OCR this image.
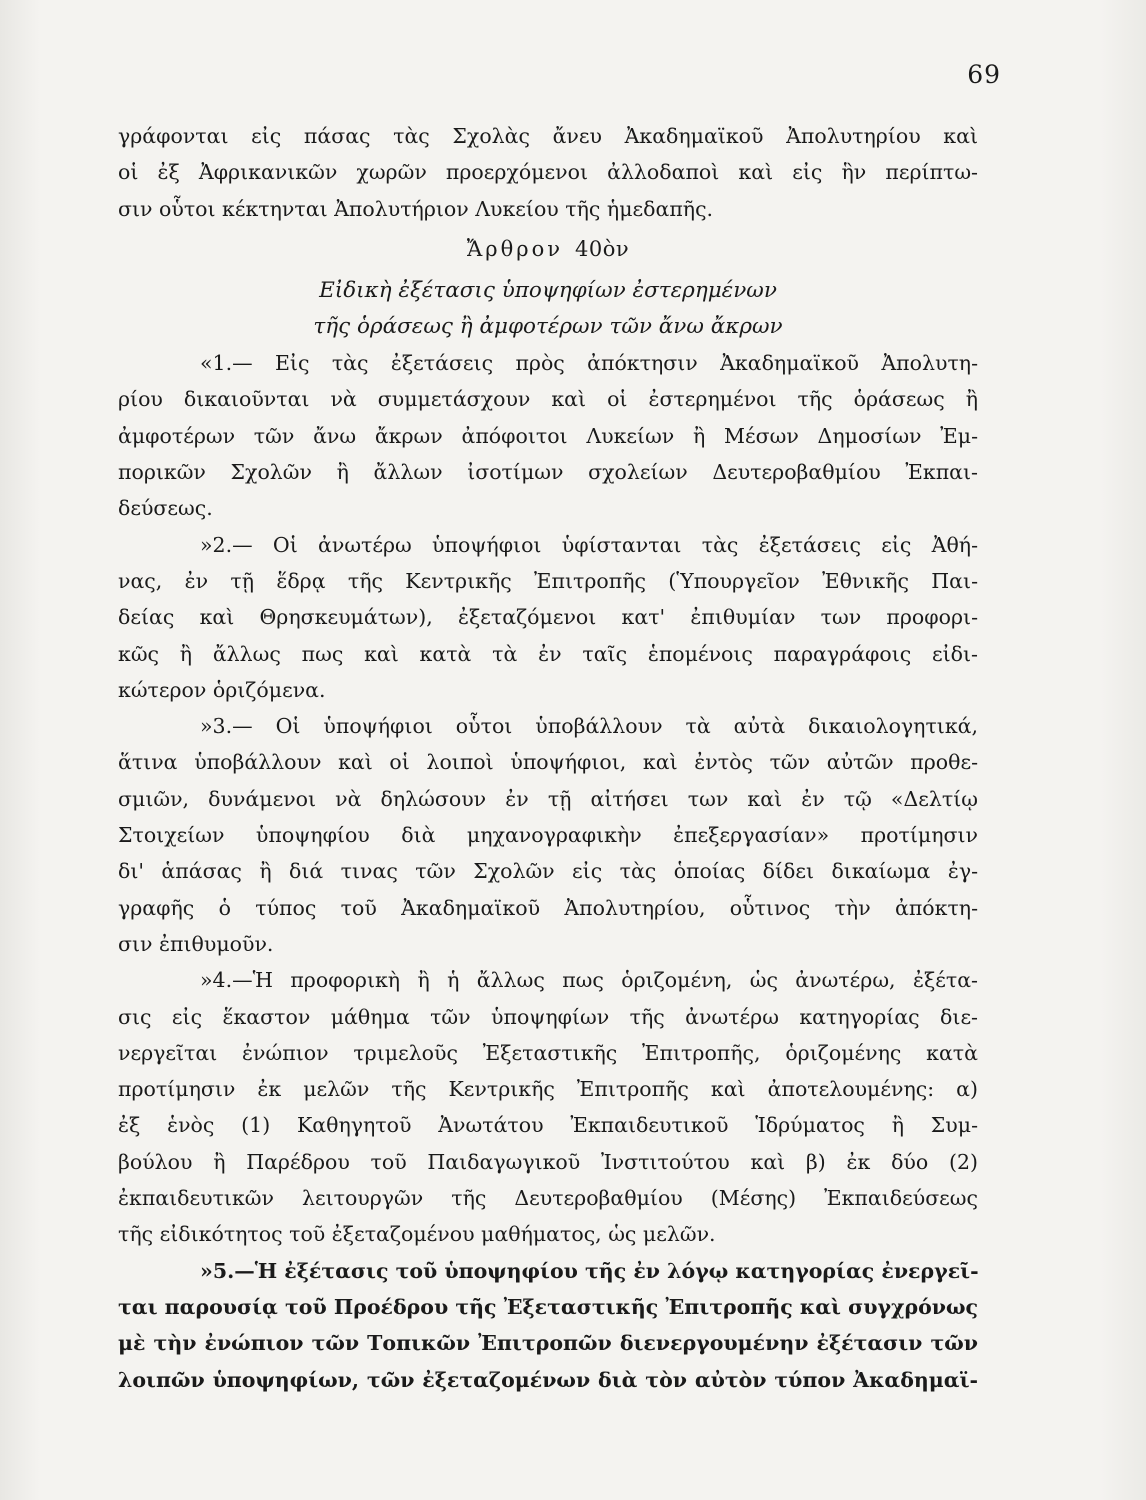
69
γράφονται εἰς πάσας τὰς Σχολὰς ἄνευ Ἀκαδημαϊκοῦ Ἀπολυτηρίου καὶ
οἱ ἐξ Ἀφρικανικῶν χωρῶν προερχόμενοι ἀλλοδαποὶ καὶ εἰς ἣν περίπτω-
σιν οὗτοι κέκτηνται Ἀπολυτήριον Λυκείου τῆς ἡμεδαπῆς.
Ἄρθρον 40ὸν
Εἰδικὴ ἐξέτασις ὑποψηφίων ἐστερημένων
τῆς ὁράσεως ἢ ἀμφοτέρων τῶν ἄνω ἄκρων
«1.— Εἰς τὰς ἐξετάσεις πρὸς ἀπόκτησιν Ἀκαδημαϊκοῦ Ἀπολυτη-
ρίου δικαιοῦνται νὰ συμμετάσχουν καὶ οἱ ἐστερημένοι τῆς ὁράσεως ἢ
ἀμφοτέρων τῶν ἄνω ἄκρων ἀπόφοιτοι Λυκείων ἢ Μέσων Δημοσίων Ἐμ-
πορικῶν Σχολῶν ἢ ἄλλων ἰσοτίμων σχολείων Δευτεροβαθμίου Ἐκπαι-
δεύσεως.
»2.— Οἱ ἀνωτέρω ὑποψήφιοι ὑφίστανται τὰς ἐξετάσεις εἰς Ἀθή-
νας, ἐν τῇ ἕδρᾳ τῆς Κεντρικῆς Ἐπιτροπῆς (Ὑπουργεῖον Ἐθνικῆς Παι-
δείας καὶ Θρησκευμάτων), ἐξεταζόμενοι κατ' ἐπιθυμίαν των προφορι-
κῶς ἢ ἄλλως πως καὶ κατὰ τὰ ἐν ταῖς ἑπομένοις παραγράφοις εἰδι-
κώτερον ὁριζόμενα.
»3.— Οἱ ὑποψήφιοι οὗτοι ὑποβάλλουν τὰ αὐτὰ δικαιολογητικά,
ἅτινα ὑποβάλλουν καὶ οἱ λοιποὶ ὑποψήφιοι, καὶ ἐντὸς τῶν αὐτῶν προθε-
σμιῶν, δυνάμενοι νὰ δηλώσουν ἐν τῇ αἰτήσει των καὶ ἐν τῷ «Δελτίῳ
Στοιχείων ὑποψηφίου διὰ μηχανογραφικὴν ἐπεξεργασίαν» προτίμησιν
δι' ἁπάσας ἢ διά τινας τῶν Σχολῶν εἰς τὰς ὁποίας δίδει δικαίωμα ἐγ-
γραφῆς ὁ τύπος τοῦ Ἀκαδημαϊκοῦ Ἀπολυτηρίου, οὗτινος τὴν ἀπόκτη-
σιν ἐπιθυμοῦν.
»4.—Ἡ προφορικὴ ἢ ἡ ἄλλως πως ὁριζομένη, ὡς ἀνωτέρω, ἐξέτα-
σις εἰς ἕκαστον μάθημα τῶν ὑποψηφίων τῆς ἀνωτέρω κατηγορίας διε-
νεργεῖται ἐνώπιον τριμελοῦς Ἐξεταστικῆς Ἐπιτροπῆς, ὁριζομένης κατὰ
προτίμησιν ἐκ μελῶν τῆς Κεντρικῆς Ἐπιτροπῆς καὶ ἀποτελουμένης: α)
ἐξ ἑνὸς (1) Καθηγητοῦ Ἀνωτάτου Ἐκπαιδευτικοῦ Ἱδρύματος ἢ Συμ-
βούλου ἢ Παρέδρου τοῦ Παιδαγωγικοῦ Ἰνστιτούτου καὶ β) ἐκ δύο (2)
ἐκπαιδευτικῶν λειτουργῶν τῆς Δευτεροβαθμίου (Μέσης) Ἐκπαιδεύσεως
τῆς εἰδικότητος τοῦ ἐξεταζομένου μαθήματος, ὡς μελῶν.
»5.—Ἡ ἐξέτασις τοῦ ὑποψηφίου τῆς ἐν λόγῳ κατηγορίας ἐνεργεῖ-
ται παρουσίᾳ τοῦ Προέδρου τῆς Ἐξεταστικῆς Ἐπιτροπῆς καὶ συγχρόνως
μὲ τὴν ἐνώπιον τῶν Τοπικῶν Ἐπιτροπῶν διενεργουμένην ἐξέτασιν τῶν
λοιπῶν ὑποψηφίων, τῶν ἐξεταζομένων διὰ τὸν αὐτὸν τύπον Ἀκαδημαϊ-
